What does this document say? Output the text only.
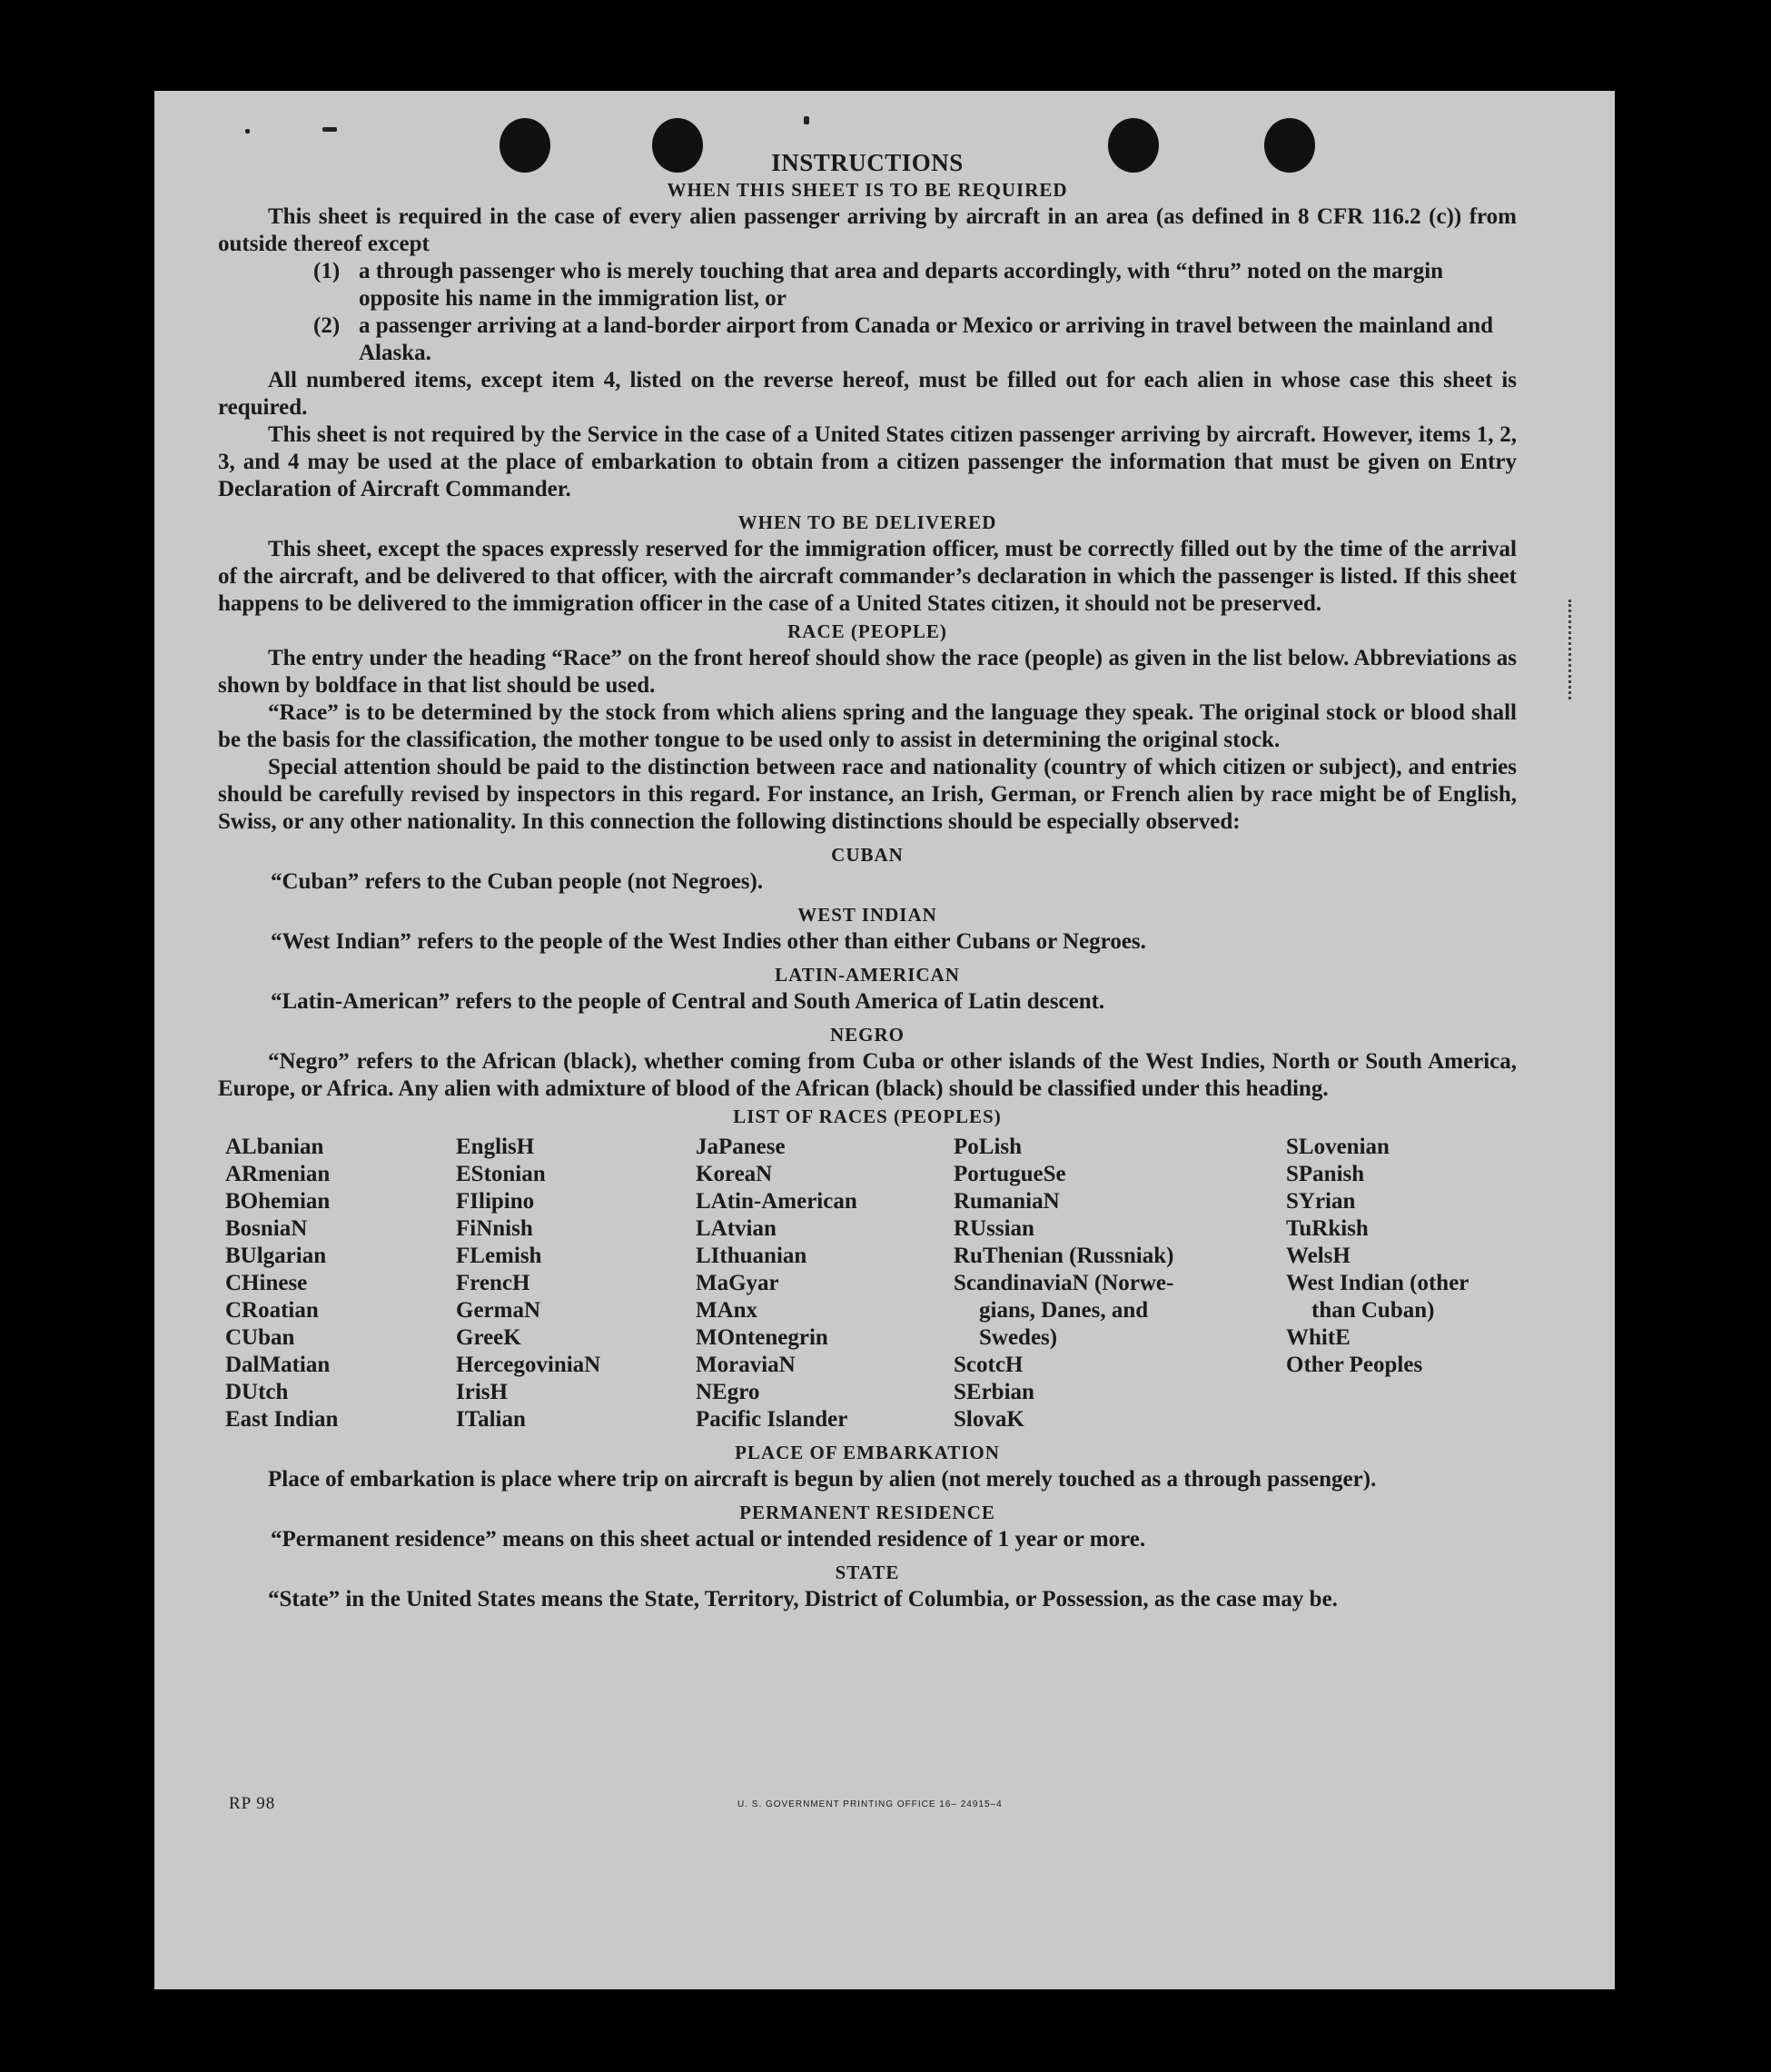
INSTRUCTIONS
WHEN THIS SHEET IS TO BE REQUIRED

This sheet is required in the case of every alien passenger arriving by aircraft in an area (as defined in 8 CFR 116.2 (c)) from outside thereof except

(1) a through passenger who is merely touching that area and departs accordingly, with “thru” noted on the margin opposite his name in the immigration list, or
(2) a passenger arriving at a land-border airport from Canada or Mexico or arriving in travel between the mainland and Alaska.

All numbered items, except item 4, listed on the reverse hereof, must be filled out for each alien in whose case this sheet is required.

This sheet is not required by the Service in the case of a United States citizen passenger arriving by aircraft. However, items 1, 2, 3, and 4 may be used at the place of embarkation to obtain from a citizen passenger the information that must be given on Entry Declaration of Aircraft Commander.

WHEN TO BE DELIVERED

This sheet, except the spaces expressly reserved for the immigration officer, must be correctly filled out by the time of the arrival of the aircraft, and be delivered to that officer, with the aircraft commander’s declaration in which the passenger is listed. If this sheet happens to be delivered to the immigration officer in the case of a United States citizen, it should not be preserved.

RACE (PEOPLE)

The entry under the heading “Race” on the front hereof should show the race (people) as given in the list below. Abbreviations as shown by boldface in that list should be used.

“Race” is to be determined by the stock from which aliens spring and the language they speak. The original stock or blood shall be the basis for the classification, the mother tongue to be used only to assist in determining the original stock.

Special attention should be paid to the distinction between race and nationality (country of which citizen or subject), and entries should be carefully revised by inspectors in this regard. For instance, an Irish, German, or French alien by race might be of English, Swiss, or any other nationality. In this connection the following distinctions should be especially observed:

CUBAN

“Cuban” refers to the Cuban people (not Negroes).

WEST INDIAN

“West Indian” refers to the people of the West Indies other than either Cubans or Negroes.

LATIN-AMERICAN

“Latin-American” refers to the people of Central and South America of Latin descent.

NEGRO

“Negro” refers to the African (black), whether coming from Cuba or other islands of the West Indies, North or South America, Europe, or Africa. Any alien with admixture of blood of the African (black) should be classified under this heading.

LIST OF RACES (PEOPLES)
ALbanian
ARmenian
BOhemian
BosniaN
BUlgarian
CHinese
CRoatian
CUban
DalMatian
DUtch
East Indian
EnglisH
EStonian
FIlipino
FiNnish
FLemish
FrencH
GermaN
GreeK
HercegoviniaN
IrisH
ITalian
JaPanese
KoreaN
LAtin-American
LAtvian
LIthuanian
MaGyar
MAnx
MOntenegrin
MoraviaN
NEgro
Pacific Islander
PoLish
PortugueSe
RumaniaN
RUssian
RuThenian (Russniak)
ScandinaviaN (Norwe-
gians, Danes, and
Swedes)
ScotcH
SErbian
SlovaK
SLovenian
SPanish
SYrian
TuRkish
WelsH
West Indian (other
than Cuban)
WhitE
Other Peoples
PLACE OF EMBARKATION

Place of embarkation is place where trip on aircraft is begun by alien (not merely touched as a through passenger).

PERMANENT RESIDENCE

“Permanent residence” means on this sheet actual or intended residence of 1 year or more.

STATE

“State” in the United States means the State, Territory, District of Columbia, or Possession, as the case may be.

RP 98	U. S. GOVERNMENT PRINTING OFFICE 16– 24915–4
